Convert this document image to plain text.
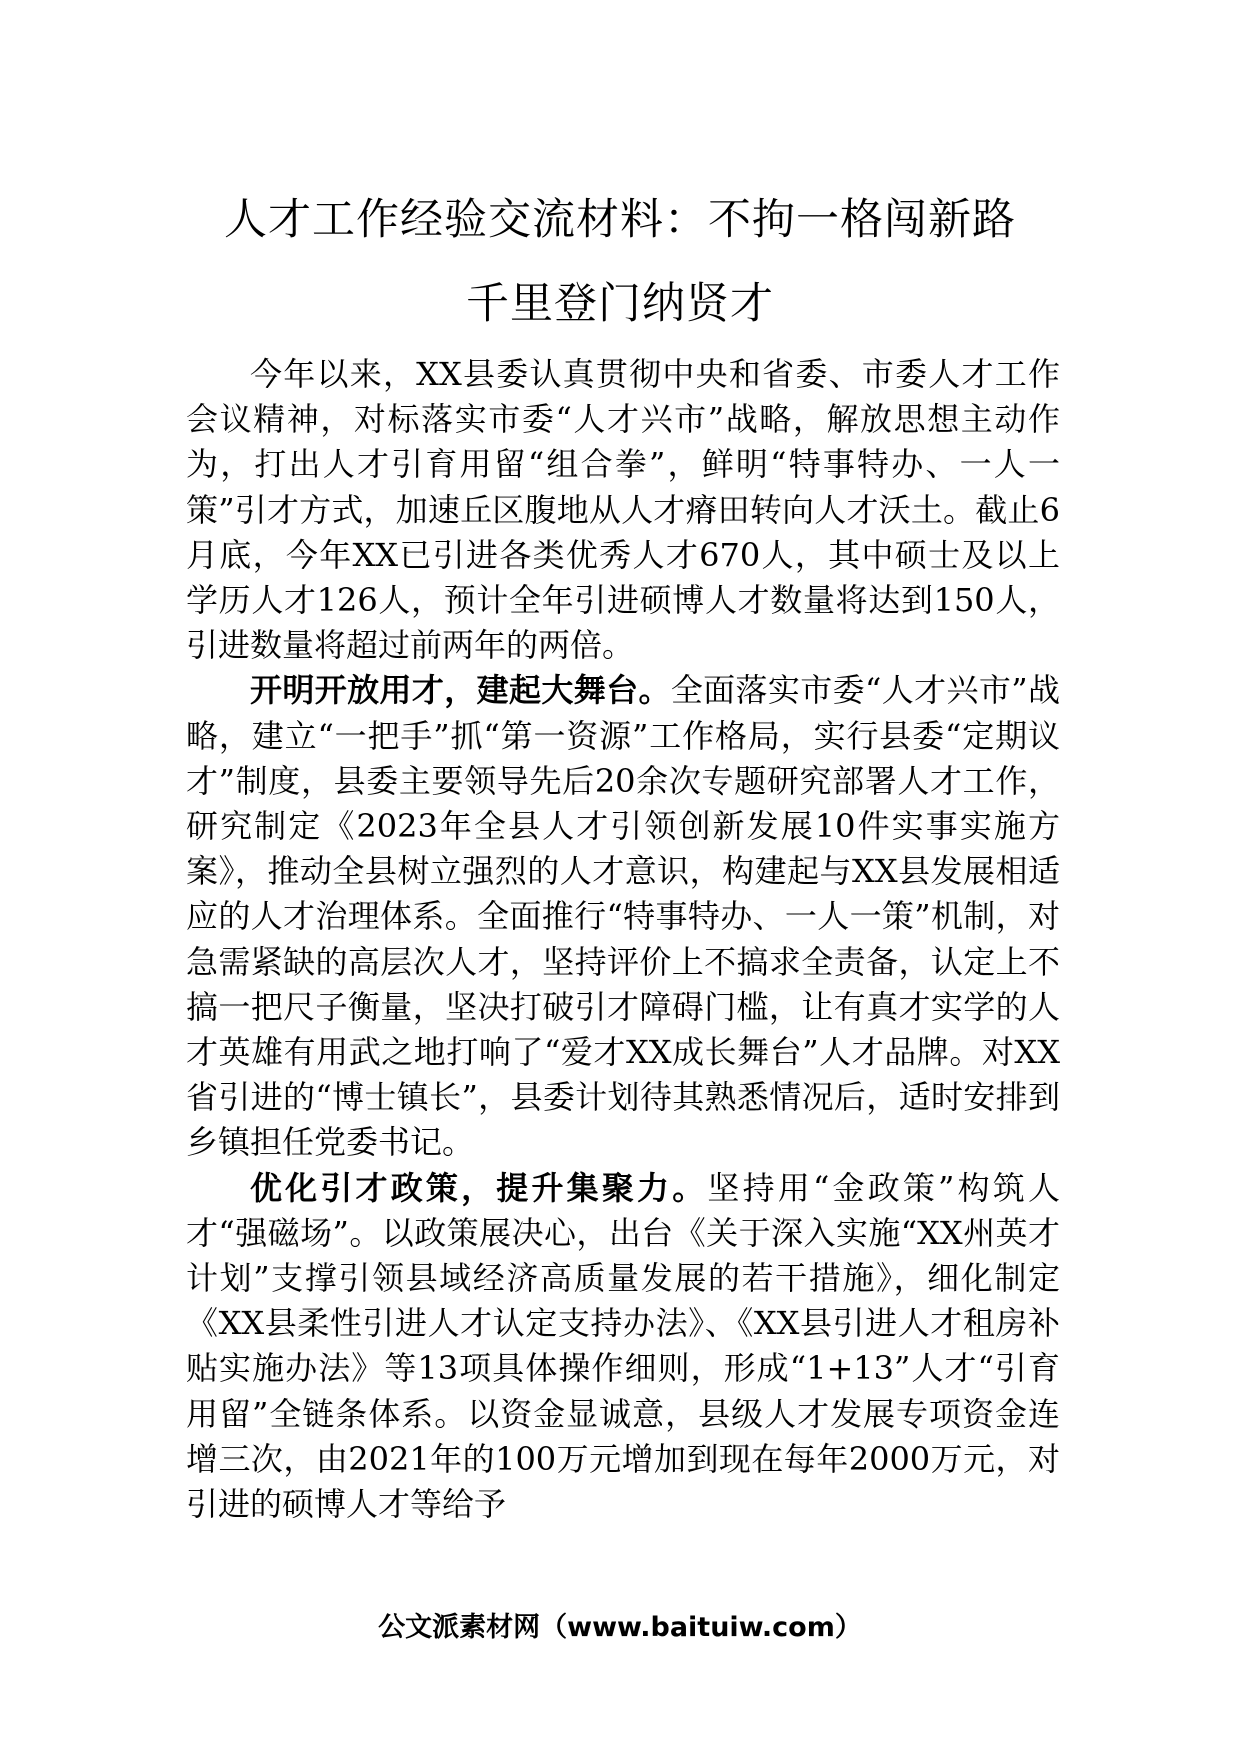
人才工作经验交流材料：不拘一格闯新路
千里登门纳贤才

今年以来，XX县委认真贯彻中央和省委、市委人才工作会议精神，对标落实市委“人才兴市”战略，解放思想主动作为，打出人才引育用留“组合拳”，鲜明“特事特办、一人一策”引才方式，加速丘区腹地从人才瘠田转向人才沃土。截止6月底，今年XX已引进各类优秀人才670人，其中硕士及以上学历人才126人，预计全年引进硕博人才数量将达到150人，引进数量将超过前两年的两倍。

开明开放用才，建起大舞台。全面落实市委“人才兴市”战略，建立“一把手”抓“第一资源”工作格局，实行县委“定期议才”制度，县委主要领导先后20余次专题研究部署人才工作，研究制定《2023年全县人才引领创新发展10件实事实施方案》，推动全县树立强烈的人才意识，构建起与XX县发展相适应的人才治理体系。全面推行“特事特办、一人一策”机制，对急需紧缺的高层次人才，坚持评价上不搞求全责备，认定上不搞一把尺子衡量，坚决打破引才障碍门槛，让有真才实学的人才英雄有用武之地打响了“爱才XX成长舞台”人才品牌。对XX省引进的“博士镇长”，县委计划待其熟悉情况后，适时安排到乡镇担任党委书记。

优化引才政策，提升集聚力。坚持用“金政策”构筑人才“强磁场”。以政策展决心，出台《关于深入实施“XX州英才计划”支撑引领县域经济高质量发展的若干措施》，细化制定《XX县柔性引进人才认定支持办法》、《XX县引进人才租房补贴实施办法》等13项具体操作细则，形成“1+13”人才“引育用留”全链条体系。以资金显诚意，县级人才发展专项资金连增三次，由2021年的100万元增加到现在每年2000万元，对引进的硕博人才等给予

公文派素材网（www.baituiw.com）
